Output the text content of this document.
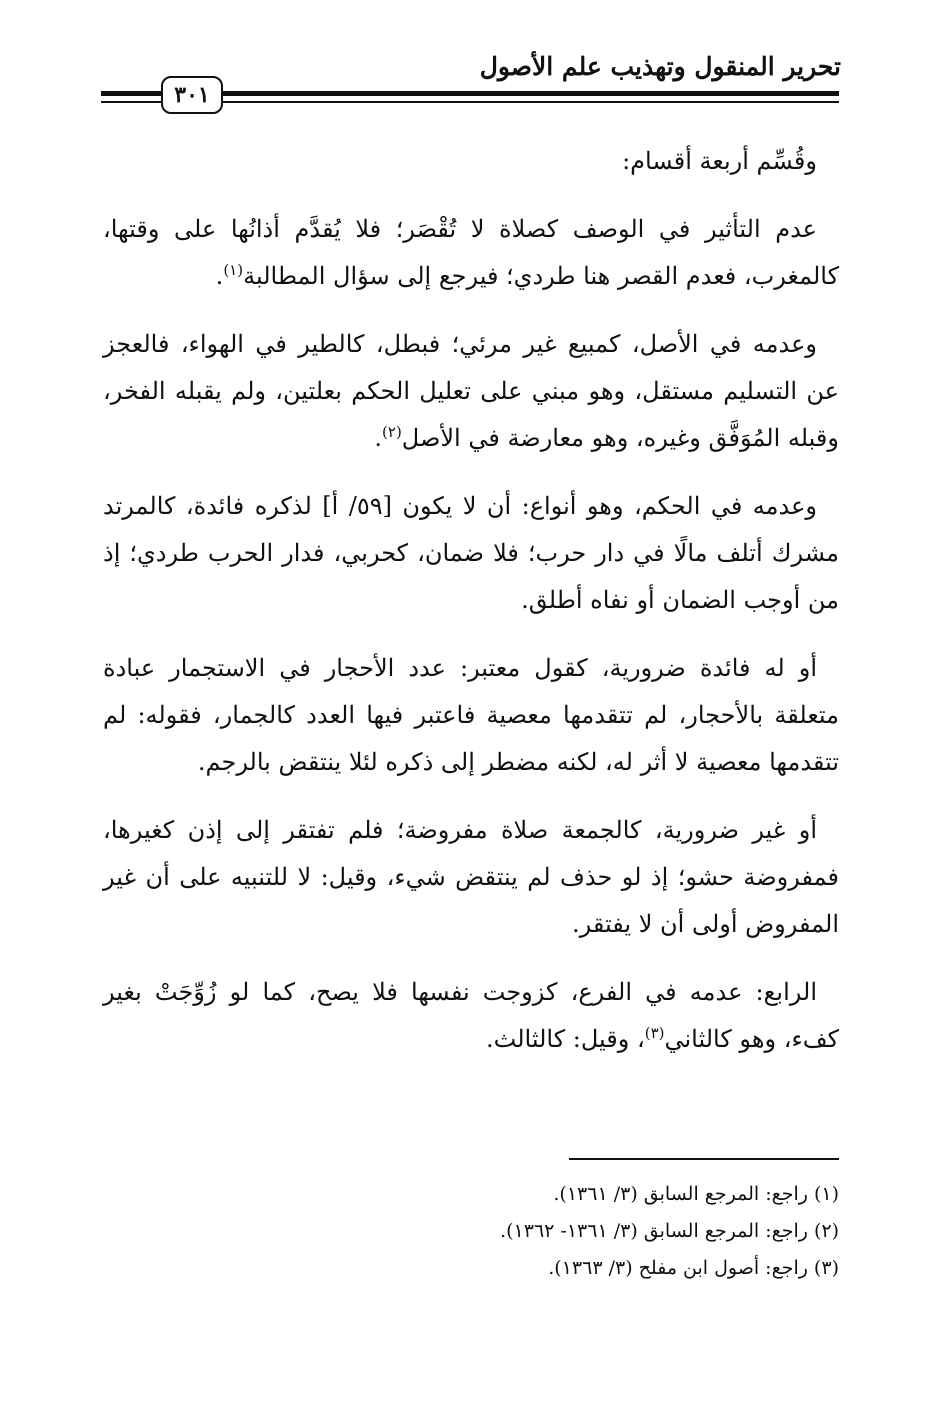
تحرير المنقول وتهذيب علم الأصول
٣٠١

وقُسِّم أربعة أقسام:

عدم التأثير في الوصف كصلاة لا تُقْصَر؛ فلا يُقدَّم أذانُها على وقتها، كالمغرب، فعدم القصر هنا طردي؛ فيرجع إلى سؤال المطالبة$^{(١)}$.

وعدمه في الأصل، كمبيع غير مرئي؛ فبطل، كالطير في الهواء، فالعجز عن التسليم مستقل، وهو مبني على تعليل الحكم بعلتين، ولم يقبله الفخر، وقبله المُوَفَّق وغيره، وهو معارضة في الأصل$^{(٢)}$.

وعدمه في الحكم، وهو أنواع: أن لا يكون [٥٩/ أ] لذكره فائدة، كالمرتد مشرك أتلف مالًا في دار حرب؛ فلا ضمان، كحربي، فدار الحرب طردي؛ إذ من أوجب الضمان أو نفاه أطلق.

أو له فائدة ضرورية، كقول معتبر: عدد الأحجار في الاستجمار عبادة متعلقة بالأحجار، لم تتقدمها معصية فاعتبر فيها العدد كالجمار، فقوله: لم تتقدمها معصية لا أثر له، لكنه مضطر إلى ذكره لئلا ينتقض بالرجم.

أو غير ضرورية، كالجمعة صلاة مفروضة؛ فلم تفتقر إلى إذن كغيرها، فمفروضة حشو؛ إذ لو حذف لم ينتقض شيء، وقيل: لا للتنبيه على أن غير المفروض أولى أن لا يفتقر.

الرابع: عدمه في الفرع، كزوجت نفسها فلا يصح، كما لو زُوِّجَتْ بغير كفء، وهو كالثاني$^{(٣)}$، وقيل: كالثالث.

(١) راجع: المرجع السابق (٣/ ١٣٦١).
(٢) راجع: المرجع السابق (٣/ ١٣٦١- ١٣٦٢).
(٣) راجع: أصول ابن مفلح (٣/ ١٣٦٣).
